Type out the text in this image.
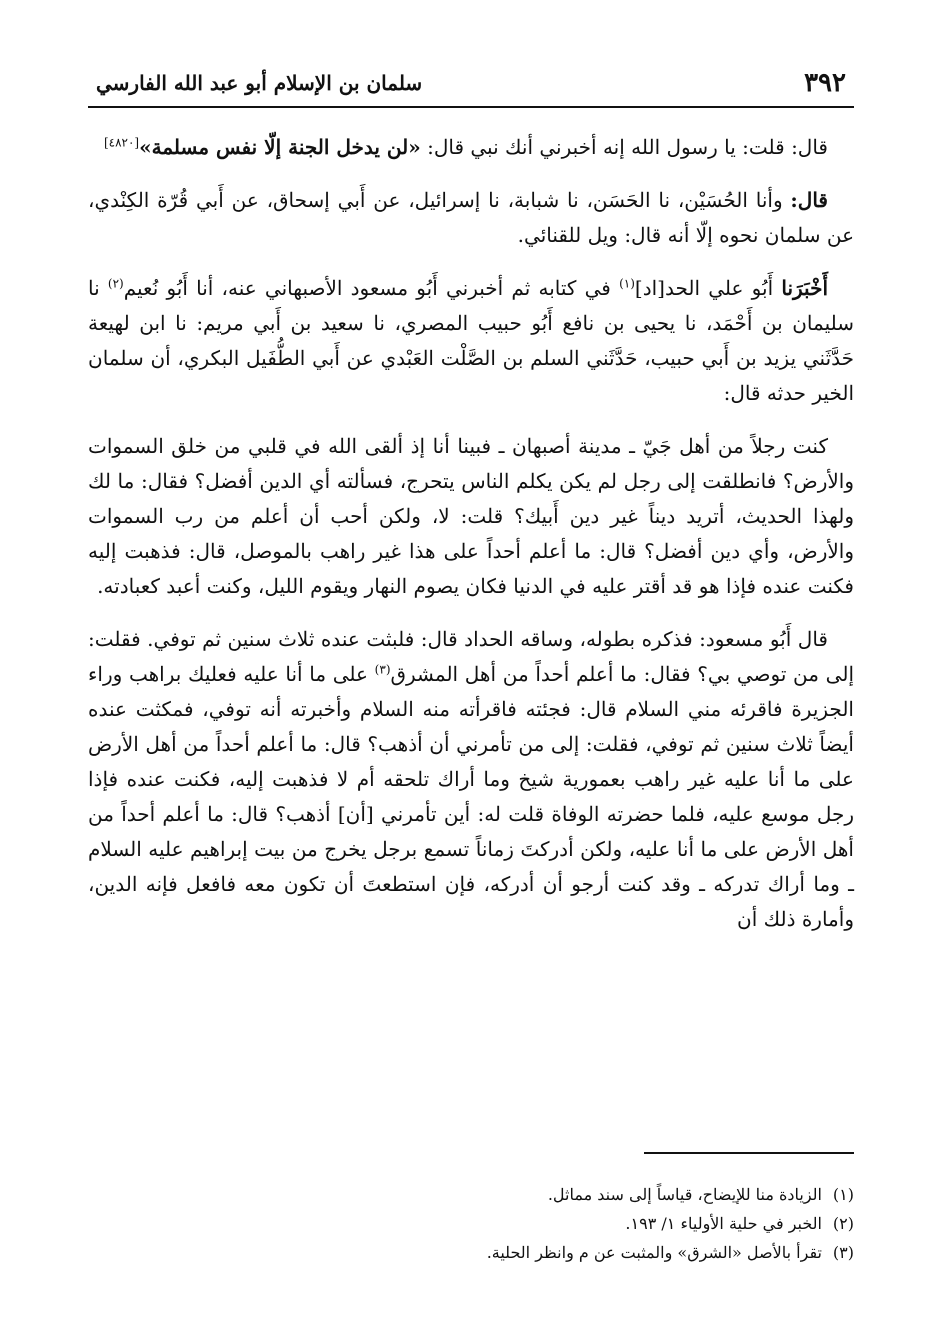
٣٩٢
سلمان بن الإسلام أبو عبد الله الفارسي

قال: قلت: يا رسول الله إنه أخبرني أنك نبي قال: «لن يدخل الجنة إلّا نفس مسلمة»[٤٨٢٠]

قال: وأنا الحُسَيْن، نا الحَسَن، نا شبابة، نا إسرائيل، عن أَبي إسحاق، عن أَبي قُرّة الكِنْدي، عن سلمان نحوه إلّا أنه قال: ويل للقنائي.

أَخْبَرَنا أَبُو علي الحد[اد]$^{(١)}$ في كتابه ثم أخبرني أَبُو مسعود الأصبهاني عنه، أنا أَبُو نُعيم$^{(٢)}$ نا سليمان بن أَحْمَد، نا يحيى بن نافع أَبُو حبيب المصري، نا سعيد بن أَبي مريم: نا ابن لهيعة حَدَّثَني يزيد بن أَبي حبيب، حَدَّثَني السلم بن الصَّلْت العَبْدي عن أَبي الطُّفَيل البكري، أن سلمان الخير حدثه قال:

كنت رجلاً من أهل جَيّ ـ مدينة أصبهان ـ فبينا أنا إذ ألقى الله في قلبي من خلق السموات والأرض؟ فانطلقت إلى رجل لم يكن يكلم الناس يتحرج، فسألته أي الدين أفضل؟ فقال: ما لك ولهذا الحديث، أتريد ديناً غير دين أَبيك؟ قلت: لا، ولكن أحب أن أعلم من رب السموات والأرض، وأي دين أفضل؟ قال: ما أعلم أحداً على هذا غير راهب بالموصل، قال: فذهبت إليه فكنت عنده فإذا هو قد أقتر عليه في الدنيا فكان يصوم النهار ويقوم الليل، وكنت أعبد كعبادته.

قال أَبُو مسعود: فذكره بطوله، وساقه الحداد قال: فلبثت عنده ثلاث سنين ثم توفي. فقلت: إلى من توصي بي؟ فقال: ما أعلم أحداً من أهل المشرق$^{(٣)}$ على ما أنا عليه فعليك براهب وراء الجزيرة فاقرئه مني السلام قال: فجئته فاقرأته منه السلام وأخبرته أنه توفي، فمكثت عنده أيضاً ثلاث سنين ثم توفي، فقلت: إلى من تأمرني أن أذهب؟ قال: ما أعلم أحداً من أهل الأرض على ما أنا عليه غير راهب بعمورية شيخ وما أراك تلحقه أم لا فذهبت إليه، فكنت عنده فإذا رجل موسع عليه، فلما حضرته الوفاة قلت له: أين تأمرني [أن] أذهب؟ قال: ما أعلم أحداً من أهل الأرض على ما أنا عليه، ولكن أدركتَ زماناً تسمع برجل يخرج من بيت إبراهيم عليه السلام ـ وما أراك تدركه ـ وقد كنت أرجو أن أدركه، فإن استطعتَ أن تكون معه فافعل فإنه الدين، وأمارة ذلك أن

(١)الزيادة منا للإيضاح، قياساً إلى سند مماثل.

(٢)الخبر في حلية الأولياء ١/ ١٩٣.

(٣)تقرأ بالأصل «الشرق» والمثبت عن م وانظر الحلية.
